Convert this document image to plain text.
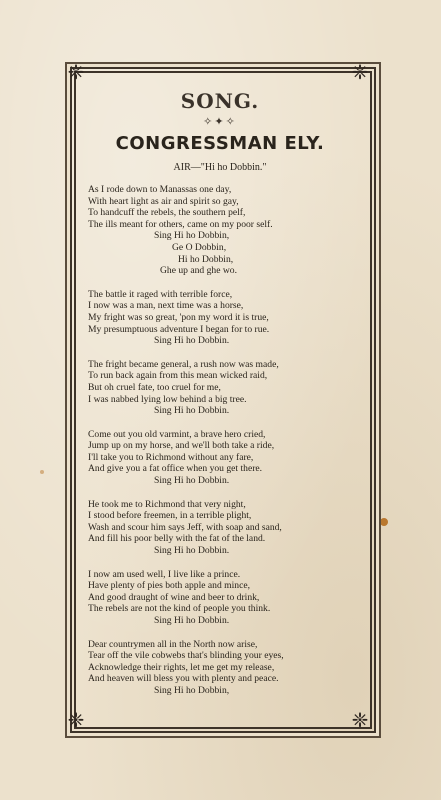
❈	❈
❈	❈
SONG.
✧✦✧
CONGRESSMAN ELY.
AIR—"Hi ho Dobbin."
As I rode down to Manassas one day,
With heart light as air and spirit so gay,
To handcuff the rebels, the southern pelf,
The ills meant for others, came on my poor self.
Sing Hi ho Dobbin,
Ge O Dobbin,
Hi ho Dobbin,
Ghe up and ghe wo.
The battle it raged with terrible force,
I now was a man, next time was a horse,
My fright was so great, 'pon my word it is true,
My presumptuous adventure I began for to rue.
Sing Hi ho Dobbin.
The fright became general, a rush now was made,
To run back again from this mean wicked raid,
But oh cruel fate, too cruel for me,
I was nabbed lying low behind a big tree.
Sing Hi ho Dobbin.
Come out you old varmint, a brave hero cried,
Jump up on my horse, and we'll both take a ride,
I'll take you to Richmond without any fare,
And give you a fat office when you get there.
Sing Hi ho Dobbin.
He took me to Richmond that very night,
I stood before freemen, in a terrible plight,
Wash and scour him says Jeff, with soap and sand,
And fill his poor belly with the fat of the land.
Sing Hi ho Dobbin.
I now am used well, I live like a prince.
Have plenty of pies both apple and mince,
And good draught of wine and beer to drink,
The rebels are not the kind of people you think.
Sing Hi ho Dobbin.
Dear countrymen all in the North now arise,
Tear off the vile cobwebs that's blinding your eyes,
Acknowledge their rights, let me get my release,
And heaven will bless you with plenty and peace.
Sing Hi ho Dobbin,
